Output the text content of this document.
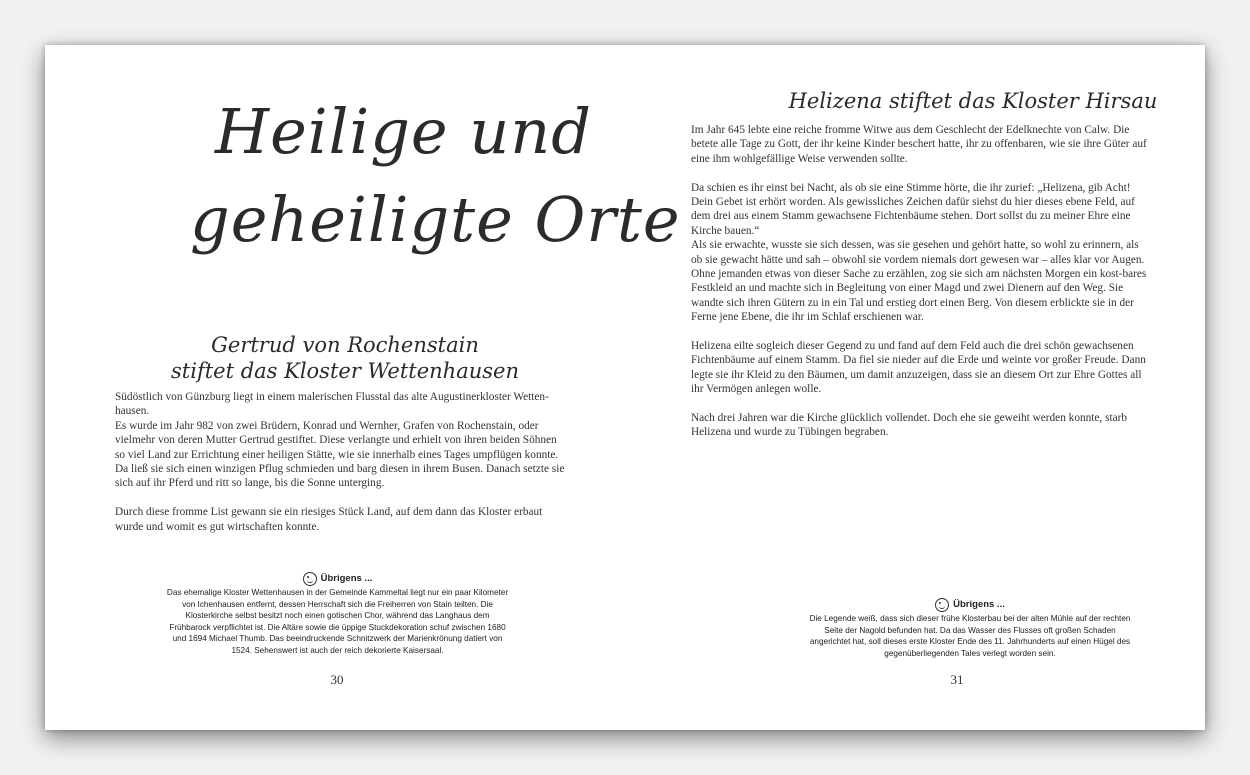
Heilige und
geheiligte Orte
Gertrud von Rochenstain
stiftet das Kloster Wettenhausen

Südöstlich von Günzburg liegt in einem malerischen Flusstal das alte Augustinerkloster Wetten-hausen.
Es wurde im Jahr 982 von zwei Brüdern, Konrad und Wernher, Grafen von Rochenstain, oder vielmehr von deren Mutter Gertrud gestiftet. Diese verlangte und erhielt von ihren beiden Söhnen so viel Land zur Errichtung einer heiligen Stätte, wie sie innerhalb eines Tages umpflügen konnte. Da ließ sie sich einen winzigen Pflug schmieden und barg diesen in ihrem Busen. Danach setzte sie sich auf ihr Pferd und ritt so lange, bis die Sonne unterging.

Durch diese fromme List gewann sie ein riesiges Stück Land, auf dem dann das Kloster erbaut wurde und womit es gut wirtschaften konnte.

Übrigens ...
Das ehemalige Kloster Wettenhausen in der Gemeinde Kammeltal liegt nur ein paar Kilometer von Ichenhausen entfernt, dessen Herrschaft sich die Freiherren von Stain teilten. Die Klosterkirche selbst besitzt noch einen gotischen Chor, während das Langhaus dem Frühbarock verpflichtet ist. Die Altäre sowie die üppige Stuckdekoration schuf zwischen 1680 und 1694 Michael Thumb. Das beeindruckende Schnitzwerk der Marienkrönung datiert von 1524. Sehenswert ist auch der reich dekorierte Kaisersaal.
30
Helizena stiftet das Kloster Hirsau

Im Jahr 645 lebte eine reiche fromme Witwe aus dem Geschlecht der Edelknechte von Calw. Die betete alle Tage zu Gott, der ihr keine Kinder beschert hatte, ihr zu offenbaren, wie sie ihre Güter auf eine ihm wohlgefällige Weise verwenden sollte.

Da schien es ihr einst bei Nacht, als ob sie eine Stimme hörte, die ihr zurief: „Helizena, gib Acht! Dein Gebet ist erhört worden. Als gewissliches Zeichen dafür siehst du hier dieses ebene Feld, auf dem drei aus einem Stamm gewachsene Fichtenbäume stehen. Dort sollst du zu meiner Ehre eine Kirche bauen.“
Als sie erwachte, wusste sie sich dessen, was sie gesehen und gehört hatte, so wohl zu erinnern, als ob sie gewacht hätte und sah – obwohl sie vordem niemals dort gewesen war – alles klar vor Augen.
Ohne jemanden etwas von dieser Sache zu erzählen, zog sie sich am nächsten Morgen ein kost-bares Festkleid an und machte sich in Begleitung von einer Magd und zwei Dienern auf den Weg. Sie wandte sich ihren Gütern zu in ein Tal und erstieg dort einen Berg. Von diesem erblickte sie in der Ferne jene Ebene, die ihr im Schlaf erschienen war.

Helizena eilte sogleich dieser Gegend zu und fand auf dem Feld auch die drei schön gewachsenen Fichtenbäume auf einem Stamm. Da fiel sie nieder auf die Erde und weinte vor großer Freude. Dann legte sie ihr Kleid zu den Bäumen, um damit anzuzeigen, dass sie an diesem Ort zur Ehre Gottes all ihr Vermögen anlegen wolle.

Nach drei Jahren war die Kirche glücklich vollendet. Doch ehe sie geweiht werden konnte, starb Helizena und wurde zu Tübingen begraben.

Übrigens ...
Die Legende weiß, dass sich dieser frühe Klosterbau bei der alten Mühle auf der rechten Seite der Nagold befunden hat. Da das Wasser des Flusses oft großen Schaden angerichtet hat, soll dieses erste Kloster Ende des 11. Jahrhunderts auf einen Hügel des gegenüberliegenden Tales verlegt worden sein.
31
